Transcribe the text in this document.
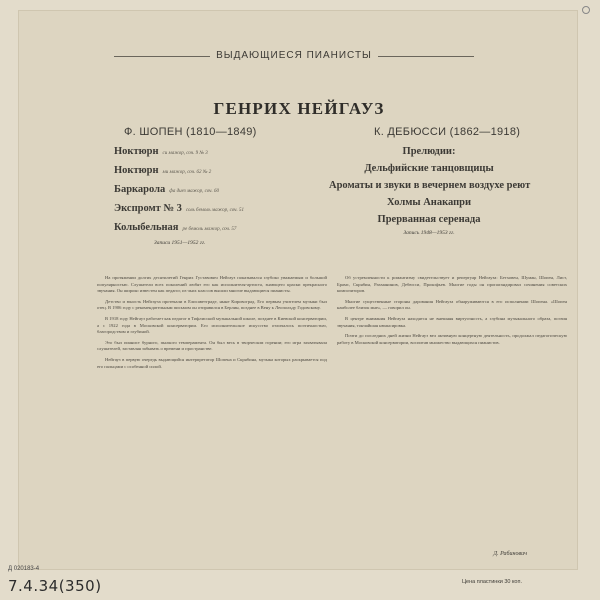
ВЫДАЮЩИЕСЯ ПИАНИСТЫ
ГЕНРИХ НЕЙГАУЗ
Ф. ШОПЕН (1810—1849)	К. ДЕБЮССИ (1862—1918)
Ноктюрн си мажор, соч. 9 № 3
Ноктюрн ми мажор, соч. 62 № 2
Баркарола фа диез мажор, соч. 60
Экспромт № 3 соль бемоль мажор, соч. 51
Колыбельная ре бемоль мажор, соч. 57
Записи 1951—1952 гг.
Прелюдии:
Дельфийские танцовщицы
Ароматы и звуки в вечернем воздухе реют
Холмы Анакапри
Прерванная серенада
Запись 1948—1953 гг.

На протяжении долгих десятилетий Генрих Густавович Нейгауз показывался глубоко уважаемым и большой популярностью. Слушатели всех поколений любят его как исполнителя-артиста, знающего краски прекрасного звучания. Он широко известен как педагог, из чьих классов вышли многие выдающиеся пианисты.

Детство и юность Нейгауза протекали в Елисаветграде, ныне Кировоград. Его первым учителем музыки был отец. В 1906 году с рекомендательным письмом он отправился в Берлин, позднее в Вену к Леопольду Годовскому.

В 1918 году Нейгауз работает как педагог в Тифлисской музыкальной школе, позднее в Киевской консерватории, а с 1922 года в Московской консерватории. Его исполнительское искусство отличалось поэтичностью, благородством и глубиной.

Это был пианист бурного, пылкого темперамента. Он был весь в творческом горении; его игра захватывала слушателей, заставляя забывать о времени и пространстве.

Нейгауз в первую очередь выдающийся интерпретатор Шопена и Скрябина, музыка которых раскрывается под его пальцами с особенной силой.

Об устремленности к романтизму свидетельствует и репертуар Нейгауза: Бетховен, Шуман, Шопен, Лист, Брамс, Скрябин, Рахманинов, Дебюсси, Прокофьев. Многие годы он пропагандировал сочинения советских композиторов.

Многие существенные стороны дарования Нейгауза обнаруживаются в его исполнении Шопена. «Шопен наиболее близок мне», — говорил он.

В центре внимания Нейгауза находятся не внешняя виртуозность, а глубина музыкального образа, поэзия звучания, тончайшая нюансировка.

Почти до последних дней жизни Нейгауз вел активную концертную деятельность, продолжал педагогическую работу в Московской консерватории, воспитав множество выдающихся пианистов.

Д. Рабинович
Цена пластинки 30 коп.
Д 020183-4
7.4.34(350)
